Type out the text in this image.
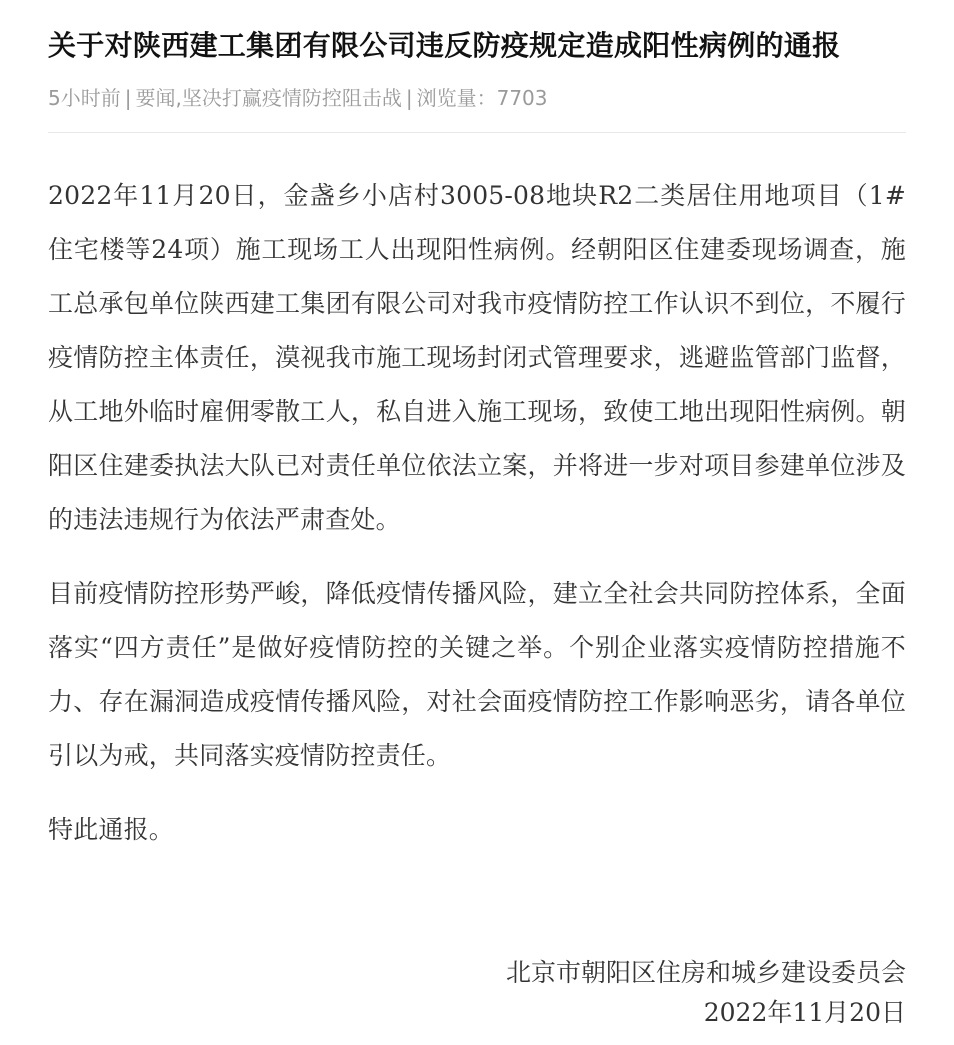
关于对陕西建工集团有限公司违反防疫规定造成阳性病例的通报
5小时前 | 要闻,坚决打赢疫情防控阻击战 | 浏览量：7703

2022年11月20日，金盏乡小店村3005-08地块R2二类居住用地项目（1#住宅楼等24项）施工现场工人出现阳性病例。经朝阳区住建委现场调查，施工总承包单位陕西建工集团有限公司对我市疫情防控工作认识不到位，不履行疫情防控主体责任，漠视我市施工现场封闭式管理要求，逃避监管部门监督，从工地外临时雇佣零散工人，私自进入施工现场，致使工地出现阳性病例。朝阳区住建委执法大队已对责任单位依法立案，并将进一步对项目参建单位涉及的违法违规行为依法严肃查处。

目前疫情防控形势严峻，降低疫情传播风险，建立全社会共同防控体系，全面落实“四方责任”是做好疫情防控的关键之举。个别企业落实疫情防控措施不力、存在漏洞造成疫情传播风险，对社会面疫情防控工作影响恶劣，请各单位引以为戒，共同落实疫情防控责任。

特此通报。

北京市朝阳区住房和城乡建设委员会
2022年11月20日
